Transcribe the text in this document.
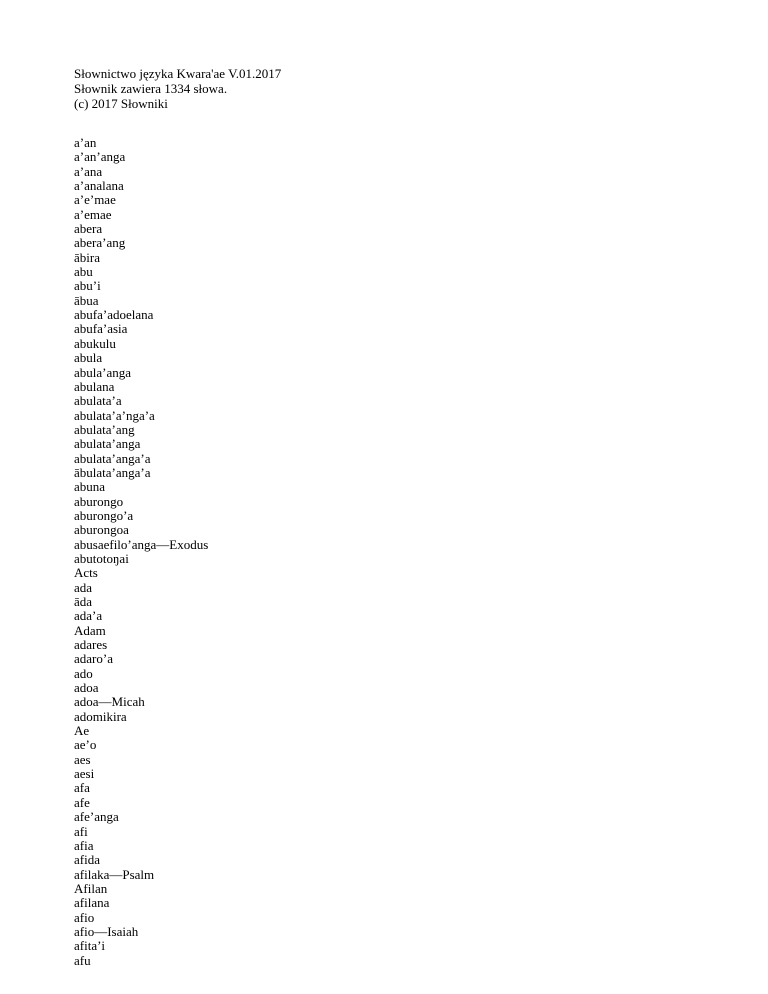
Słownictwo języka Kwara'ae V.01.2017

Słownik zawiera 1334 słowa.

(c) 2017 Słowniki

a’an
a’an’anga
a’ana
a’analana
a’e’mae
a’emae
abera
abera’ang
ābira
abu
abu’i
ābua
abufa’adoelana
abufa’asia
abukulu
abula
abula’anga
abulana
abulata’a
abulata’a’nga’a
abulata’ang
abulata’anga
abulata’anga’a
ābulata’anga’a
abuna
aburongo
aburongo’a
aburongoa
abusaefilo’anga—Exodus
abutotoŋai
Acts
ada
āda
ada’a
Adam
adares
adaro’a
ado
adoa
adoa—Micah
adomikira
Ae
ae’o
aes
aesi
afa
afe
afe’anga
afi
afia
afida
afilaka—Psalm
Afilan
afilana
afio
afio—Isaiah
afita’i
afu
